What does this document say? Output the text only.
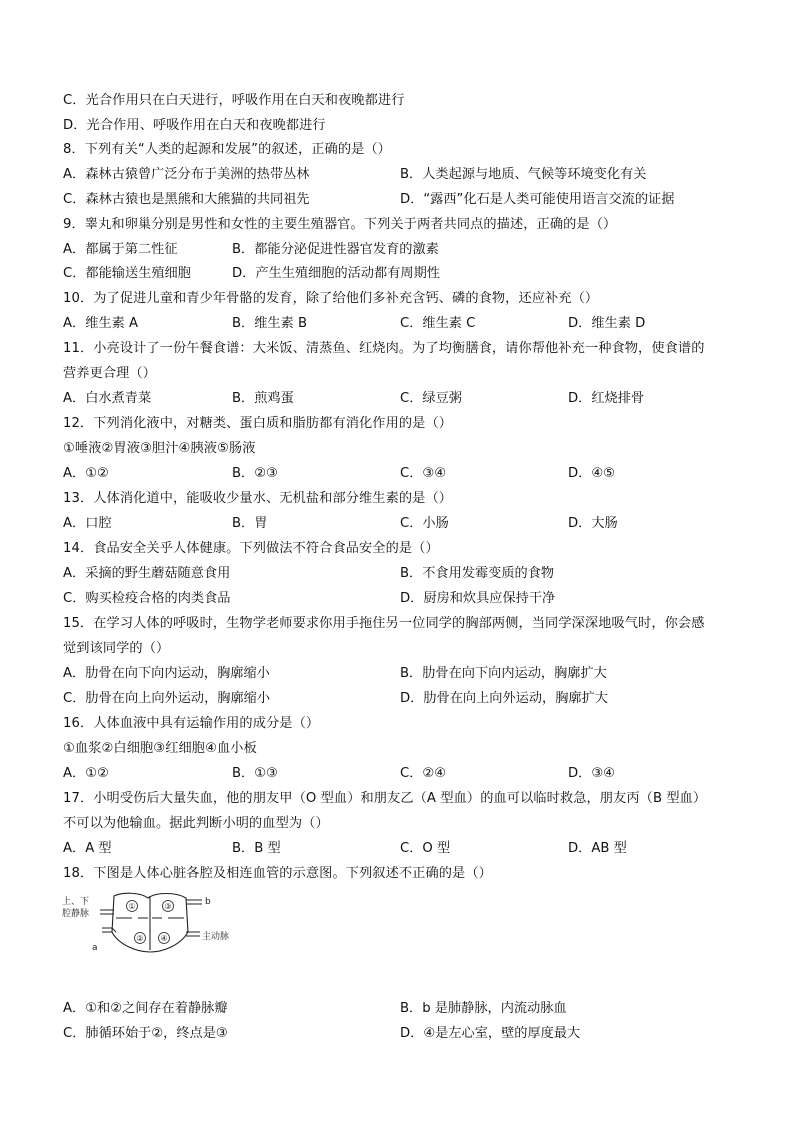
C．光合作用只在白天进行，呼吸作用在白天和夜晚都进行
D．光合作用、呼吸作用在白天和夜晚都进行
8．下列有关“人类的起源和发展”的叙述，正确的是（）
A．森林古猿曾广泛分布于美洲的热带丛林	B．人类起源与地质、气候等环境变化有关
C．森林古猿也是黑熊和大熊猫的共同祖先	D．“露西”化石是人类可能使用语言交流的证据
9．睾丸和卵巢分别是男性和女性的主要生殖器官。下列关于两者共同点的描述，正确的是（）
A．都属于第二性征	B．都能分泌促进性器官发育的激素
C．都能输送生殖细胞	D．产生生殖细胞的活动都有周期性
10．为了促进儿童和青少年骨骼的发育，除了给他们多补充含钙、磷的食物，还应补充（）
A．维生素 A	B．维生素 B	C．维生素 C	D．维生素 D
11．小亮设计了一份午餐食谱：大米饭、清蒸鱼、红烧肉。为了均衡膳食，请你帮他补充一种食物，使食谱的
营养更合理（）
A．白水煮青菜	B．煎鸡蛋	C．绿豆粥	D．红烧排骨
12．下列消化液中，对糖类、蛋白质和脂肪都有消化作用的是（）
①唾液②胃液③胆汁④胰液⑤肠液
A．①②	B．②③	C．③④	D．④⑤
13．人体消化道中，能吸收少量水、无机盐和部分维生素的是（）
A．口腔	B．胃	C．小肠	D．大肠
14．食品安全关乎人体健康。下列做法不符合食品安全的是（）
A．采摘的野生蘑菇随意食用	B．不食用发霉变质的食物
C．购买检疫合格的肉类食品	D．厨房和炊具应保持干净
15．在学习人体的呼吸时，生物学老师要求你用手拖住另一位同学的胸部两侧，当同学深深地吸气时，你会感
觉到该同学的（）
A．肋骨在向下向内运动，胸廓缩小	B．肋骨在向下向内运动，胸廓扩大
C．肋骨在向上向外运动，胸廓缩小	D．肋骨在向上向外运动，胸廓扩大
16．人体血液中具有运输作用的成分是（）
①血浆②白细胞③红细胞④血小板
A．①②	B．①③	C．②④	D．③④
17．小明受伤后大量失血，他的朋友甲（O 型血）和朋友乙（A 型血）的血可以临时救急，朋友丙（B 型血）
不可以为他输血。据此判断小明的血型为（）
A．A 型	B．B 型	C．O 型	D．AB 型
18．下图是人体心脏各腔及相连血管的示意图。下列叙述不正确的是（）
①
②
③
④
上、下
腔静脉
a
b
主动脉
A．①和②之间存在着静脉瓣	B．b 是肺静脉，内流动脉血
C．肺循环始于②，终点是③	D．④是左心室，壁的厚度最大
